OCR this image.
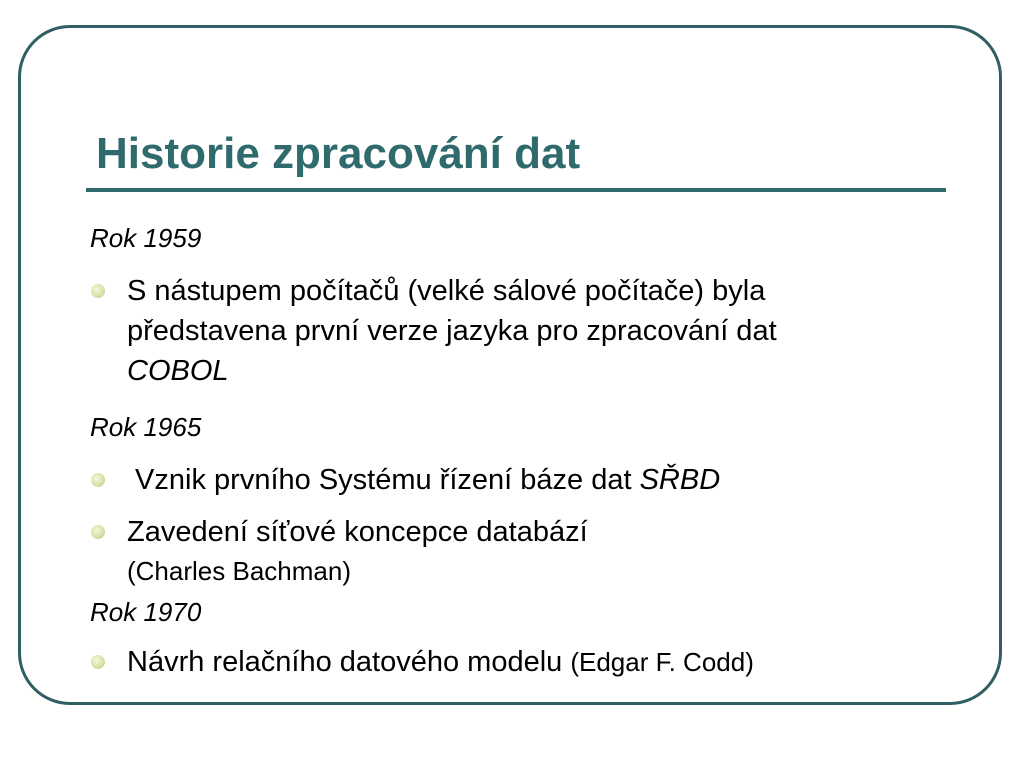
Historie zpracování dat

Rok 1959

S nástupem počítačů (velké sálové počítače) byla
představena první verze jazyka pro zpracování dat
COBOL

Rok 1965

Vznik prvního Systému řízení báze dat SŘBD
Zavedení síťové koncepce databází
(Charles Bachman)

Rok 1970

Návrh relačního datového modelu (Edgar F. Codd)
